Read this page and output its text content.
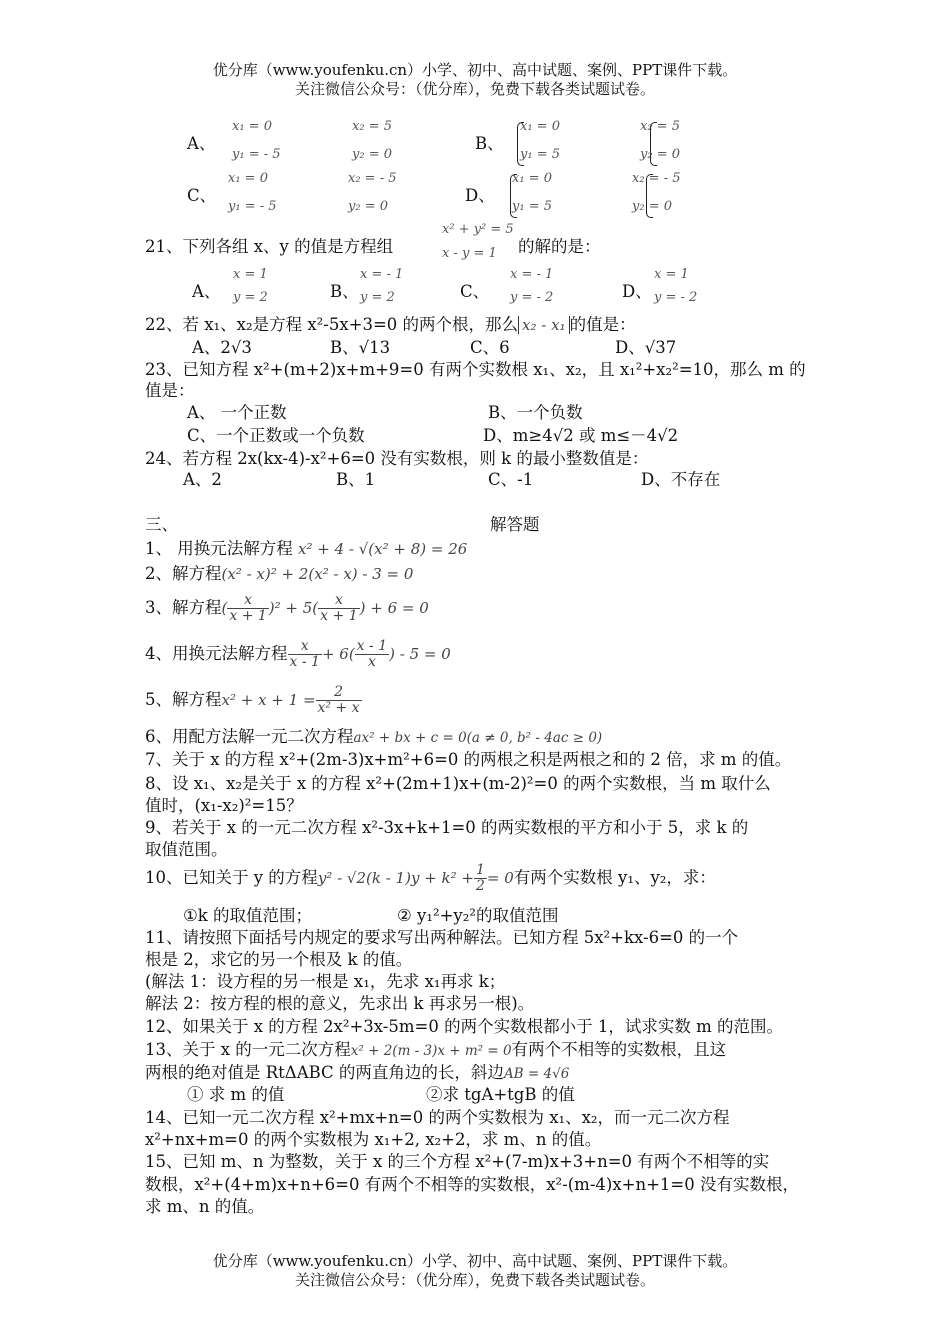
优分库（www.youfenku.cn）小学、初中、高中试题、案例、PPT课件下载。
关注微信公众号：（优分库），免费下载各类试题试卷。
A、
x₁ = 0	x₂ = 5
y₁ = - 5	y₂ = 0
B、
x₁ = 0	x₂ = 5
y₁ = 5	y₂ = 0
C、
x₁ = 0	x₂ = - 5
y₁ = - 5	y₂ = 0
D、
x₁ = 0	x₂ = - 5
y₁ = 5	y₂ = 0
21、下列各组 x、y 的值是方程组
x² + y² = 5
x - y = 1 的解的是：
A、
x = 1
y = 2	B、
x = - 1
y = 2	C、
x = - 1
y = - 2	D、
x = 1
y = - 2
22、若 x₁、x₂是方程 x²-5x+3=0 的两个根，那么 x₂ - x₁ 的值是：
A、2√3	B、√13	C、6	D、√37
23、已知方程 x²+(m+2)x+m+9=0 有两个实数根 x₁、x₂，且 x₁²+x₂²=10，那么 m 的
值是：
A、 一个正数	B、一个负数
C、一个正数或一个负数	D、m≥4√2 或 m≤－4√2
24、若方程 2x(kx-4)-x²+6=0 没有实数根，则 k 的最小整数值是：
A、2	B、1	C、-1	D、不存在
三、	解答题
1、 用换元法解方程 x² + 4 - √(x² + 8) = 26
2、解方程(x² - x)² + 2(x² - x) - 3 = 0
3、解方程( $\frac{x}{x + 1} )^2 + 5( \frac{x}{x + 1}$ ) + 6 = 0
4、用换元法解方程 $\frac{x}{x - 1} + 6( \frac{x - 1}{x}$ ) - 5 = 0
5、解方程$x^2 + x + 1 = \frac{2}{\text{x² + x}}$
6、用配方法解一元二次方程ax² + bx + c = 0(a ≠ 0, b² - 4ac ≥ 0)
7、关于 x 的方程 x²+(2m-3)x+m²+6=0 的两根之积是两根之和的 2 倍，求 m 的值。
8、设 x₁、x₂是关于 x 的方程 x²+(2m+1)x+(m-2)²=0 的两个实数根，当 m 取什么
值时，(x₁-x₂)²=15？
9、若关于 x 的一元二次方程 x²-3x+k+1=0 的两实数根的平方和小于 5，求 k 的
取值范围。
10、已知关于 y 的方程$y^2 - √2(k - 1)y + k^2 + \frac{1}{2} = 0$有两个实数根 y₁、y₂，求：
①k 的取值范围；	② y₁²+y₂²的取值范围
11、请按照下面括号内规定的要求写出两种解法。已知方程 5x²+kx-6=0 的一个
根是 2，求它的另一个根及 k 的值。
(解法 1：设方程的另一根是 x₁，先求 x₁再求 k；
解法 2：按方程的根的意义，先求出 k 再求另一根)。
12、如果关于 x 的方程 2x²+3x-5m=0 的两个实数根都小于 1，试求实数 m 的范围。
13、关于 x 的一元二次方程x² + 2(m - 3)x + m² = 0有两个不相等的实数根，且这
两根的绝对值是 RtΔABC 的两直角边的长，斜边AB = 4√6
① 求 m 的值	②求 tgA+tgB 的值
14、已知一元二次方程 x²+mx+n=0 的两个实数根为 x₁、x₂，而一元二次方程
x²+nx+m=0 的两个实数根为 x₁+2, x₂+2，求 m、n 的值。
15、已知 m、n 为整数，关于 x 的三个方程 x²+(7-m)x+3+n=0 有两个不相等的实
数根，x²+(4+m)x+n+6=0 有两个不相等的实数根，x²-(m-4)x+n+1=0 没有实数根，
求 m、n 的值。
优分库（www.youfenku.cn）小学、初中、高中试题、案例、PPT课件下载。
关注微信公众号：（优分库），免费下载各类试题试卷。
